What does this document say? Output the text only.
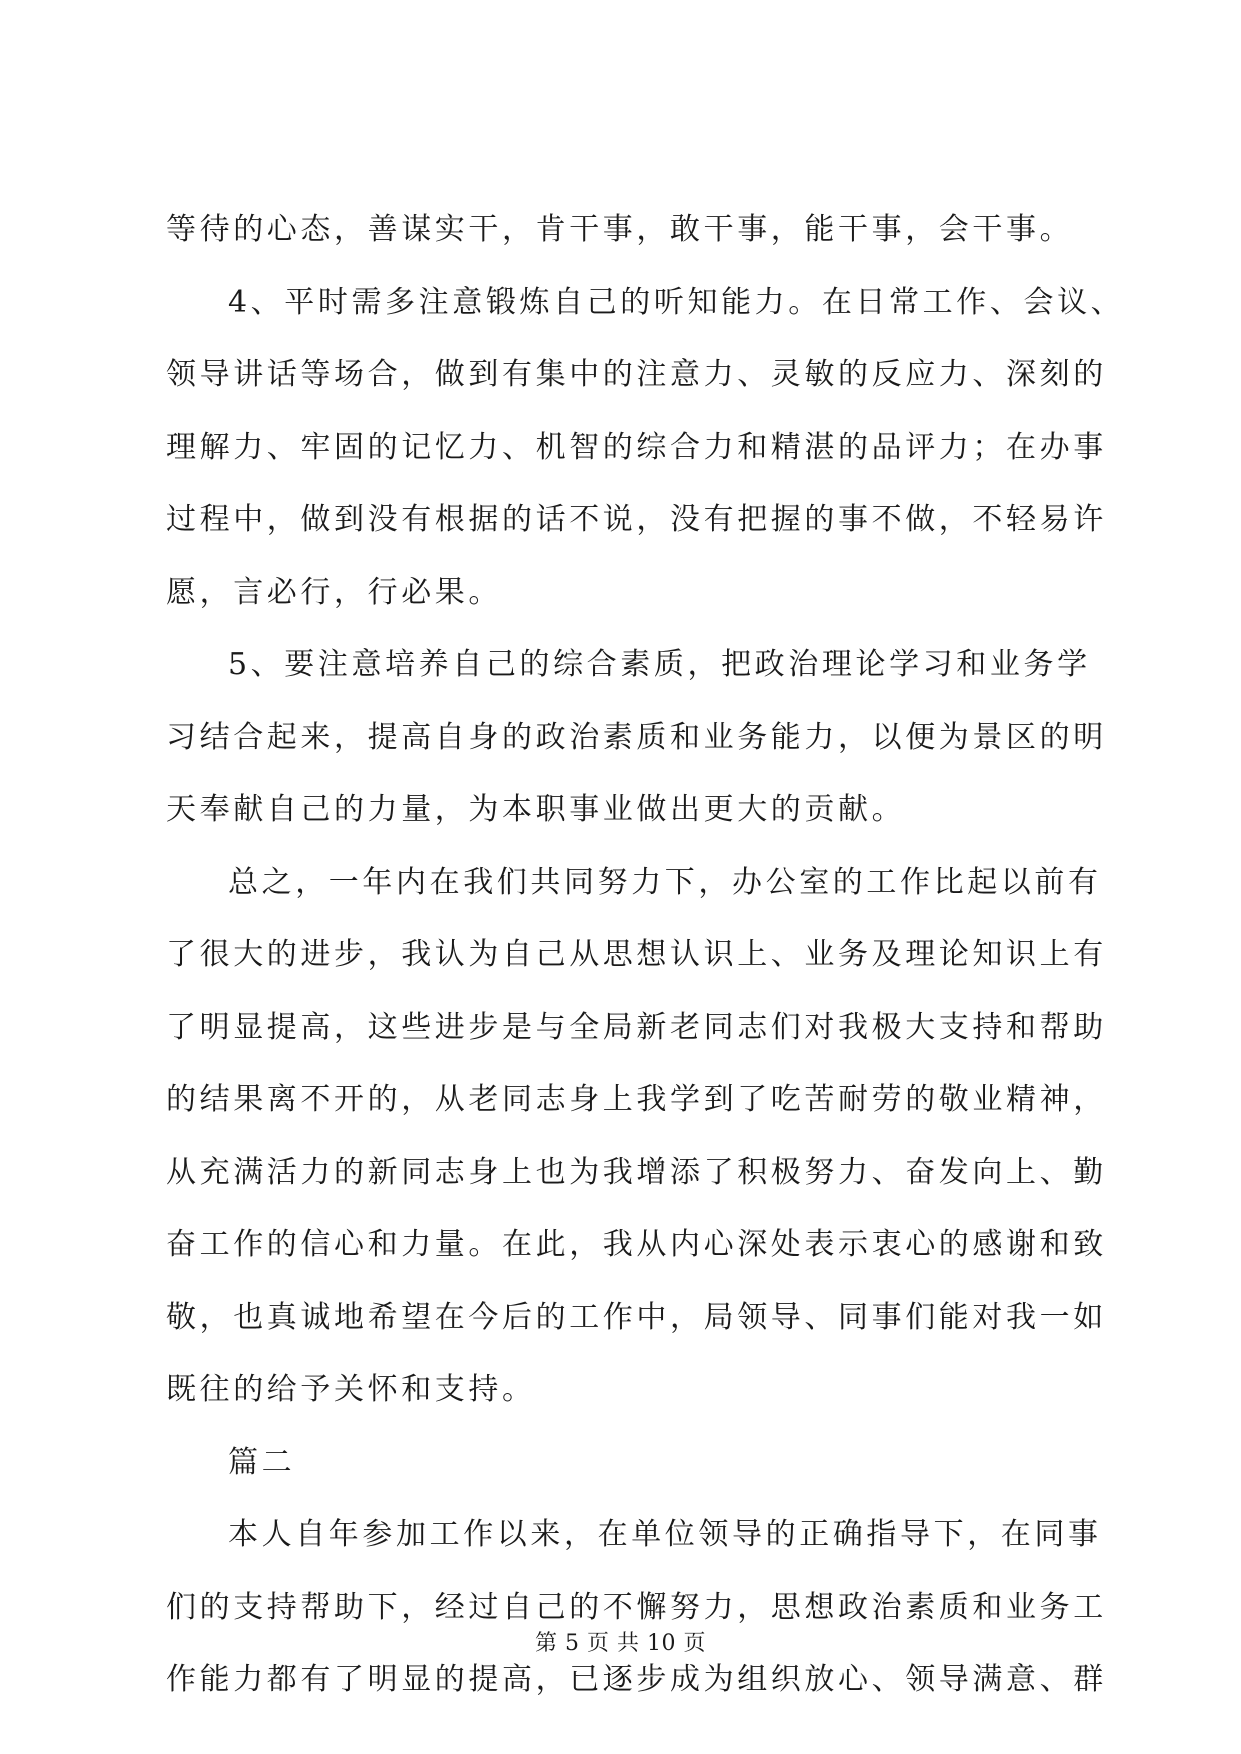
等待的心态，善谋实干，肯干事，敢干事，能干事，会干事。
4、平时需多注意锻炼自己的听知能力。在日常工作、会议、
领导讲话等场合，做到有集中的注意力、灵敏的反应力、深刻的
理解力、牢固的记忆力、机智的综合力和精湛的品评力；在办事
过程中，做到没有根据的话不说，没有把握的事不做，不轻易许
愿，言必行，行必果。
5、要注意培养自己的综合素质，把政治理论学习和业务学
习结合起来，提高自身的政治素质和业务能力，以便为景区的明
天奉献自己的力量，为本职事业做出更大的贡献。
总之，一年内在我们共同努力下，办公室的工作比起以前有
了很大的进步，我认为自己从思想认识上、业务及理论知识上有
了明显提高，这些进步是与全局新老同志们对我极大支持和帮助
的结果离不开的，从老同志身上我学到了吃苦耐劳的敬业精神，
从充满活力的新同志身上也为我增添了积极努力、奋发向上、勤
奋工作的信心和力量。在此，我从内心深处表示衷心的感谢和致
敬，也真诚地希望在今后的工作中，局领导、同事们能对我一如
既往的给予关怀和支持。
篇二
本人自年参加工作以来，在单位领导的正确指导下，在同事
们的支持帮助下，经过自己的不懈努力，思想政治素质和业务工
作能力都有了明显的提高，已逐步成为组织放心、领导满意、群
第 5 页 共 10 页
